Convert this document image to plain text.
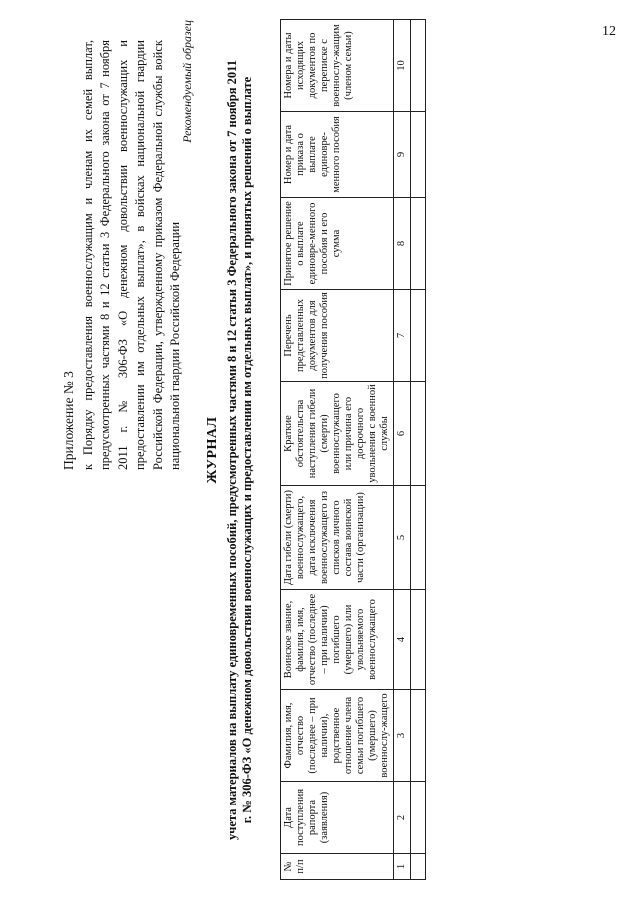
12
Приложение № 3 к Порядку предоставления военнослужащим и членам их семей выплат, предусмотренных частями 8 и 12 статьи 3 Федерального закона от 7 ноября 2011 г. № 306-ФЗ «О денежном довольствии военнослужащих и предоставлении им отдельных выплат», в войсках национальной гвардии Российской Федерации, утвержденному приказом Федеральной службы войск национальной гвардии Российской Федерации
Рекомендуемый образец
ЖУРНАЛ учета материалов на выплату единовременных пособий, предусмотренных частями 8 и 12 статьи 3 Федерального закона от 7 ноября 2011 г. № 306-ФЗ «О денежном довольствии военнослужащих и предоставлении им отдельных выплат», и принятых решений о выплате
№ п/п	Дата поступления рапорта (заявления)	Фамилия, имя, отчество (последнее – при наличии), родственное отношение члена семьи погибшего (умершего) военнослу-жащего	Воинское звание, фамилия, имя, отчество (последнее – при наличии) погибшего (умершего) или увольняемого военнослужащего	Дата гибели (смерти) военнослужащего, дата исключения военнослужащего из списков личного состава воинской части (организации)	Краткие обстоятельства наступления гибели (смерти) военнослужащего или причина его досрочного увольнения с военной службы	Перечень представленных документов для получения пособия	Принятое решение о выплате единовре-менного пособия и его сумма	Номер и дата приказа о выплате единовре-менного пособия	Номера и даты исходящих документов по переписке с военнослу-жащим (членом семьи)
1	2	3	4	5	6	7	8	9	10
